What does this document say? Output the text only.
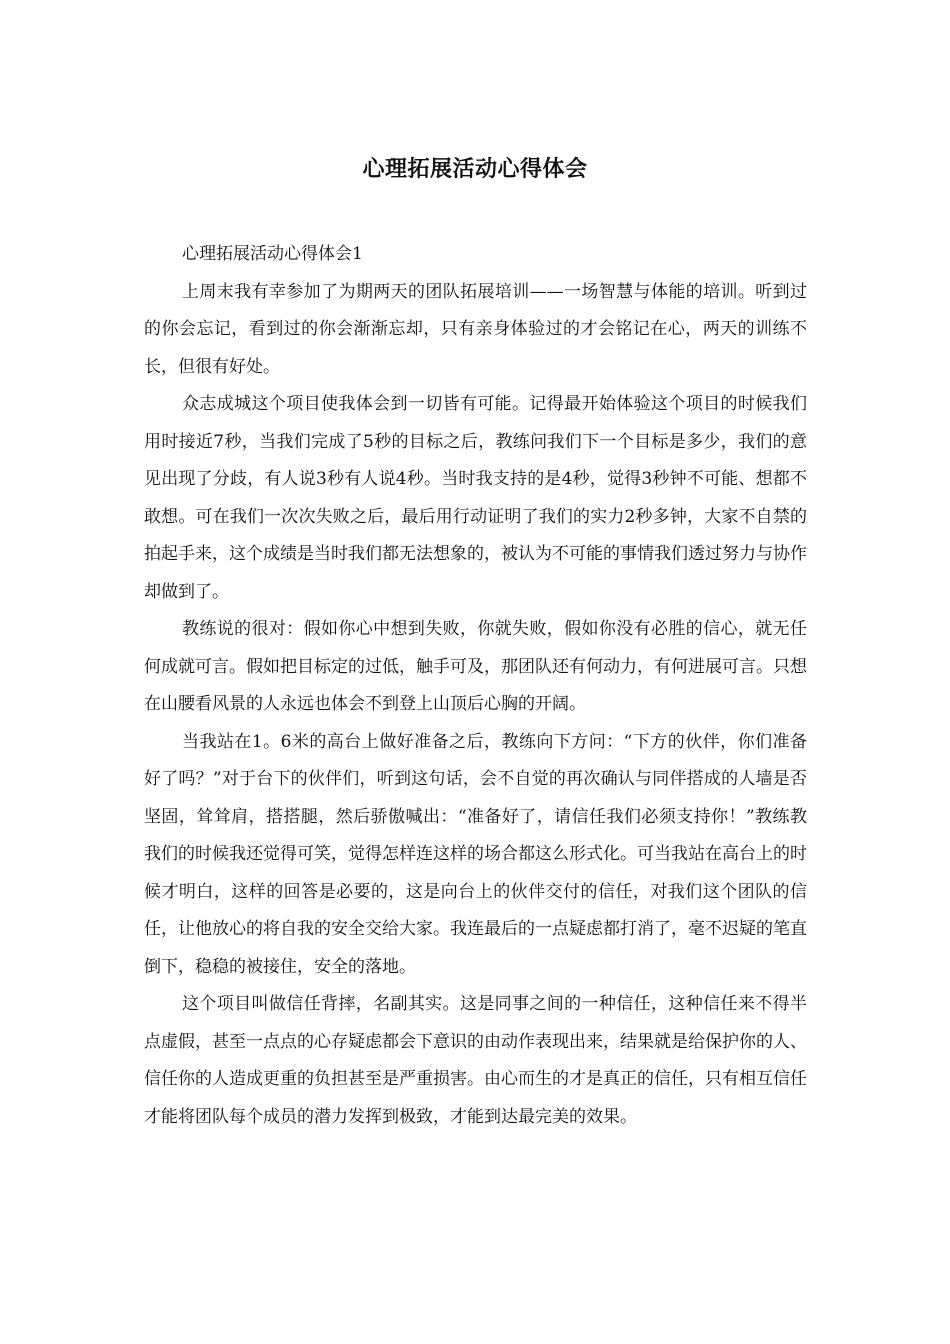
心理拓展活动心得体会

心理拓展活动心得体会1

上周末我有幸参加了为期两天的团队拓展培训——一场智慧与体能的培训。听到过的你会忘记，看到过的你会渐渐忘却，只有亲身体验过的才会铭记在心，两天的训练不长，但很有好处。

众志成城这个项目使我体会到一切皆有可能。记得最开始体验这个项目的时候我们用时接近7秒，当我们完成了5秒的目标之后，教练问我们下一个目标是多少，我们的意见出现了分歧，有人说3秒有人说4秒。当时我支持的是4秒，觉得3秒钟不可能、想都不敢想。可在我们一次次失败之后，最后用行动证明了我们的实力2秒多钟，大家不自禁的拍起手来，这个成绩是当时我们都无法想象的，被认为不可能的事情我们透过努力与协作却做到了。

教练说的很对：假如你心中想到失败，你就失败，假如你没有必胜的信心，就无任何成就可言。假如把目标定的过低，触手可及，那团队还有何动力，有何进展可言。只想在山腰看风景的人永远也体会不到登上山顶后心胸的开阔。

当我站在1。6米的高台上做好准备之后，教练向下方问：“下方的伙伴，你们准备好了吗？”对于台下的伙伴们，听到这句话，会不自觉的再次确认与同伴搭成的人墙是否坚固，耸耸肩，搭搭腿，然后骄傲喊出：“准备好了，请信任我们必须支持你！”教练教我们的时候我还觉得可笑，觉得怎样连这样的场合都这么形式化。可当我站在高台上的时候才明白，这样的回答是必要的，这是向台上的伙伴交付的信任，对我们这个团队的信任，让他放心的将自我的安全交给大家。我连最后的一点疑虑都打消了，毫不迟疑的笔直倒下，稳稳的被接住，安全的落地。

这个项目叫做信任背摔，名副其实。这是同事之间的一种信任，这种信任来不得半点虚假，甚至一点点的心存疑虑都会下意识的由动作表现出来，结果就是给保护你的人、信任你的人造成更重的负担甚至是严重损害。由心而生的才是真正的信任，只有相互信任才能将团队每个成员的潜力发挥到极致，才能到达最完美的效果。
